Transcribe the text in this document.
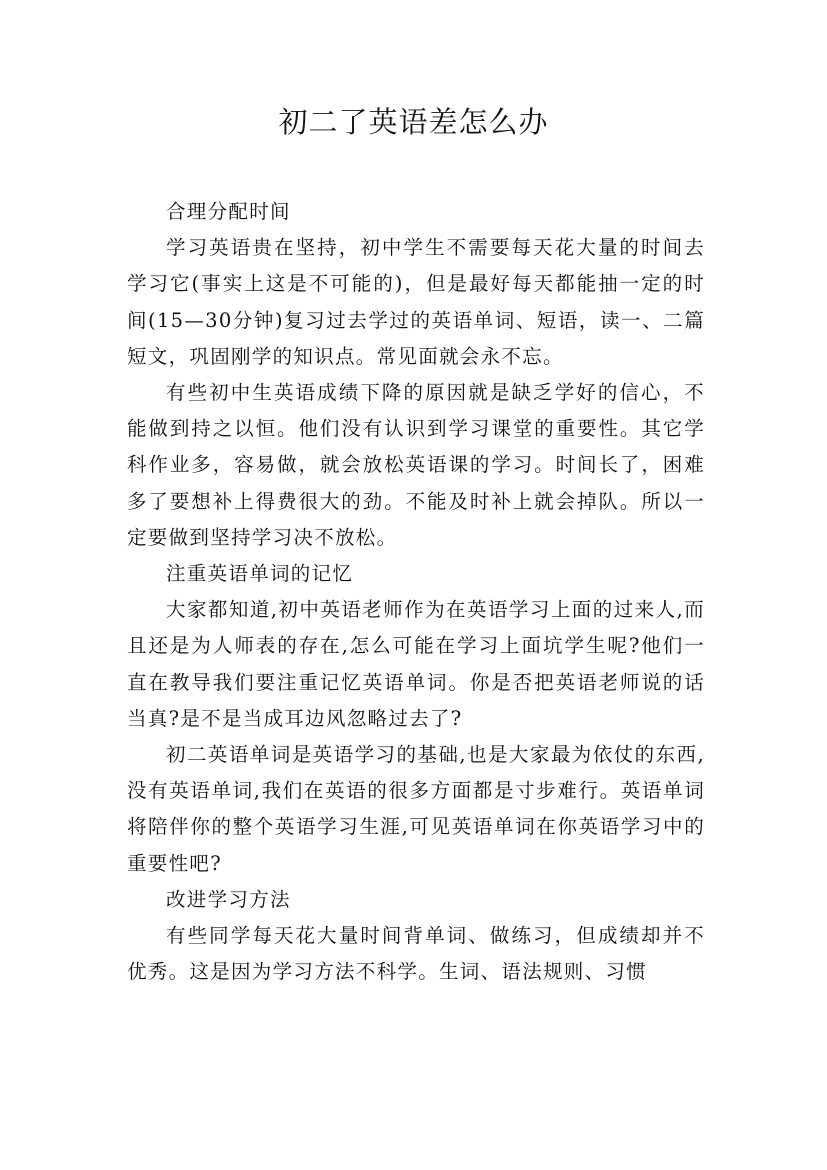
初二了英语差怎么办

合理分配时间

学习英语贵在坚持，初中学生不需要每天花大量的时间去学习它(事实上这是不可能的)，但是最好每天都能抽一定的时间(15—30分钟)复习过去学过的英语单词、短语，读一、二篇短文，巩固刚学的知识点。常见面就会永不忘。

有些初中生英语成绩下降的原因就是缺乏学好的信心，不能做到持之以恒。他们没有认识到学习课堂的重要性。其它学科作业多，容易做，就会放松英语课的学习。时间长了，困难多了要想补上得费很大的劲。不能及时补上就会掉队。所以一定要做到坚持学习决不放松。

注重英语单词的记忆

大家都知道,初中英语老师作为在英语学习上面的过来人,而且还是为人师表的存在,怎么可能在学习上面坑学生呢?他们一直在教导我们要注重记忆英语单词。你是否把英语老师说的话当真?是不是当成耳边风忽略过去了?

初二英语单词是英语学习的基础,也是大家最为依仗的东西,没有英语单词,我们在英语的很多方面都是寸步难行。英语单词将陪伴你的整个英语学习生涯,可见英语单词在你英语学习中的重要性吧?

改进学习方法

有些同学每天花大量时间背单词、做练习，但成绩却并不优秀。这是因为学习方法不科学。生词、语法规则、习惯
